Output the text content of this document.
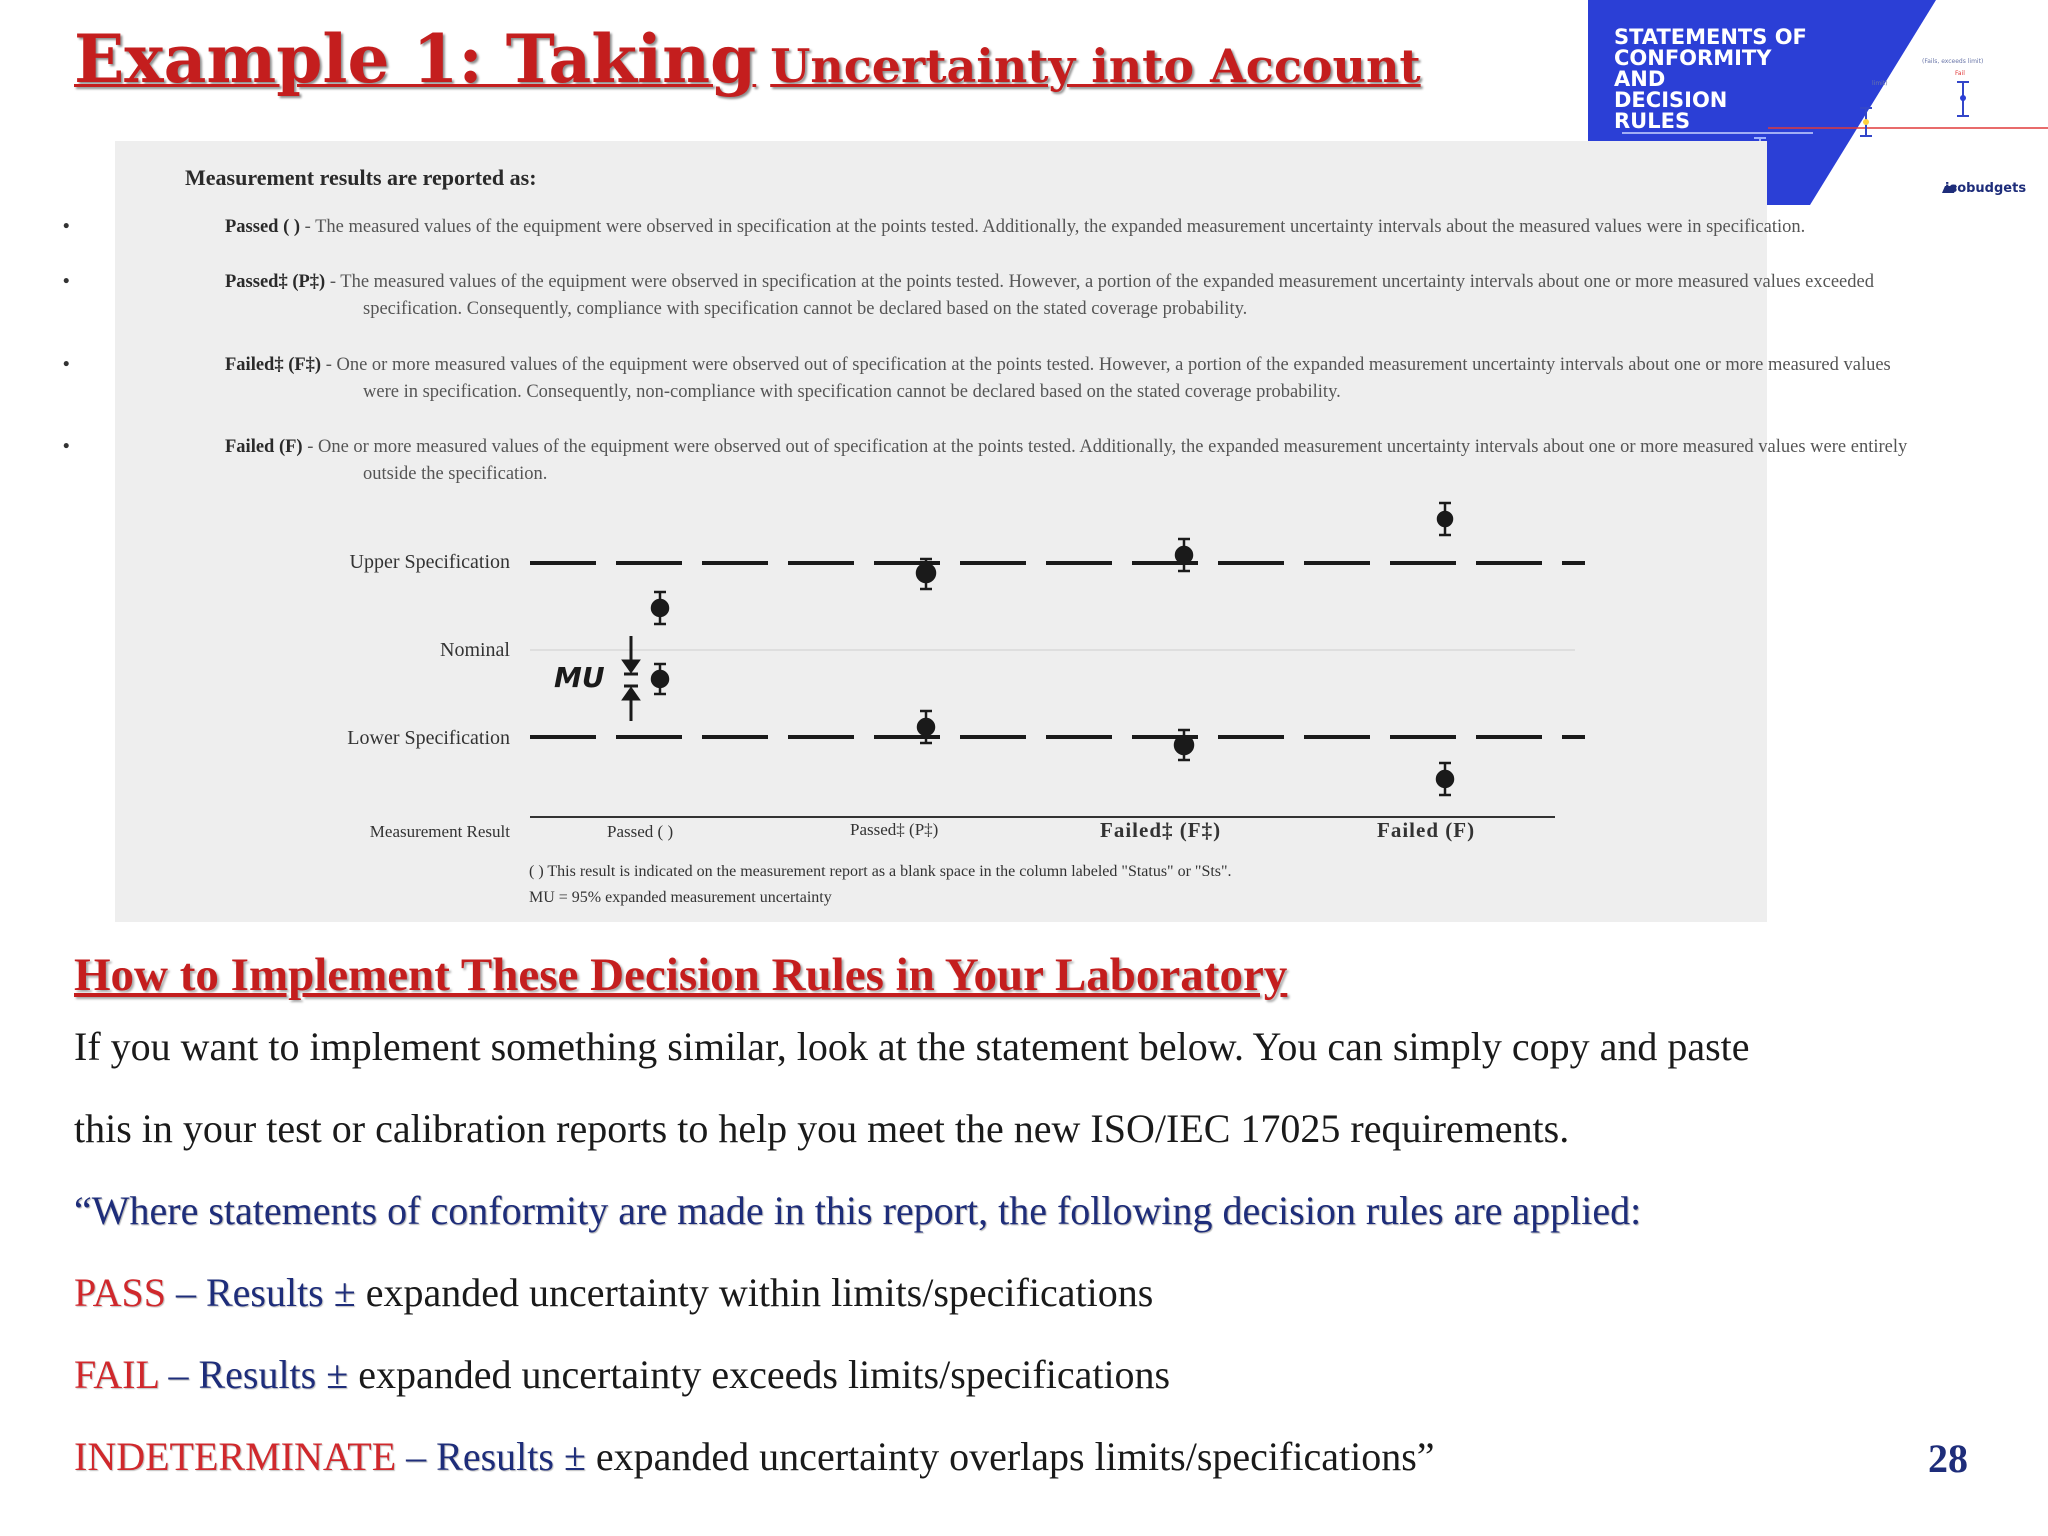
Example 1: Taking Uncertainty into Account
STATEMENTS OF
CONFORMITY
AND
DECISION
RULES
(Fails, exceeds limit)
Fail
limit)
isobudgets
Measurement results are reported as:
•	Passed ( ) - The measured values of the equipment were observed in specification at the points tested. Additionally, the expanded measurement uncertainty intervals about the measured values were in specification.
•	Passed‡ (P‡) - The measured values of the equipment were observed in specification at the points tested. However, a portion of the expanded measurement uncertainty intervals about one or more measured values exceeded specification. Consequently, compliance with specification cannot be declared based on the stated coverage probability.
•	Failed‡ (F‡) - One or more measured values of the equipment were observed out of specification at the points tested. However, a portion of the expanded measurement uncertainty intervals about one or more measured values were in specification. Consequently, non-compliance with specification cannot be declared based on the stated coverage probability.
•	Failed (F) - One or more measured values of the equipment were observed out of specification at the points tested. Additionally, the expanded measurement uncertainty intervals about one or more measured values were entirely outside the specification.
Upper Specification
Nominal
Lower Specification
Measurement Result
MU
Passed ( )	Passed‡ (P‡)	Failed‡ (F‡)	Failed (F)
( ) This result is indicated on the measurement report as a blank space in the column labeled "Status" or "Sts".
MU = 95% expanded measurement uncertainty
How to Implement These Decision Rules in Your Laboratory
If you want to implement something similar, look at the statement below. You can simply copy and paste
this in your test or calibration reports to help you meet the new ISO/IEC 17025 requirements.
“Where statements of conformity are made in this report, the following decision rules are applied:
PASS – Results ± expanded uncertainty within limits/specifications
FAIL – Results ± expanded uncertainty exceeds limits/specifications
INDETERMINATE – Results ± expanded uncertainty overlaps limits/specifications”	28
